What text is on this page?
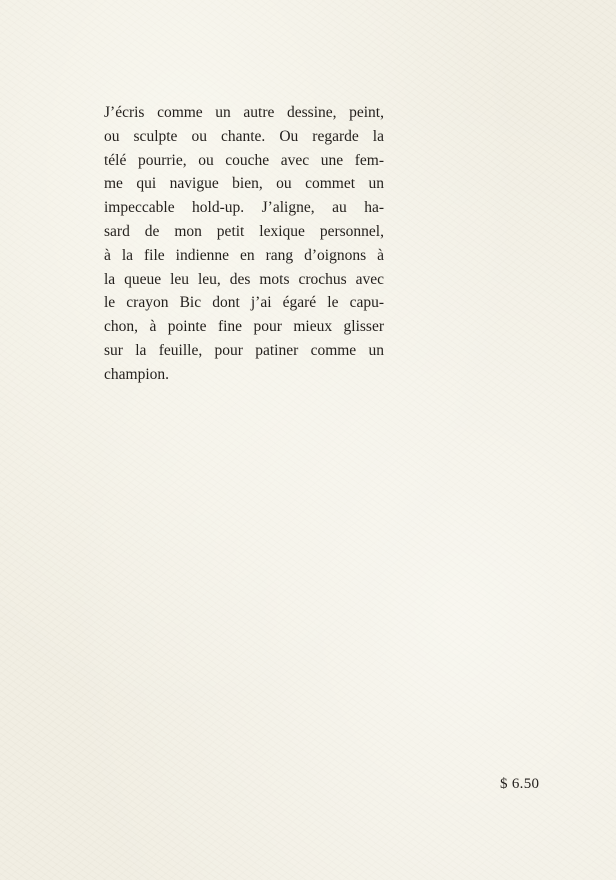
J’écris comme un autre dessine, peint,
ou sculpte ou chante. Ou regarde la
télé pourrie, ou couche avec une fem-
me qui navigue bien, ou commet un
impeccable hold-up. J’aligne, au ha-
sard de mon petit lexique personnel,
à la file indienne en rang d’oignons à
la queue leu leu, des mots crochus avec
le crayon Bic dont j’ai égaré le capu-
chon, à pointe fine pour mieux glisser
sur la feuille, pour patiner comme un
champion.
$ 6.50
